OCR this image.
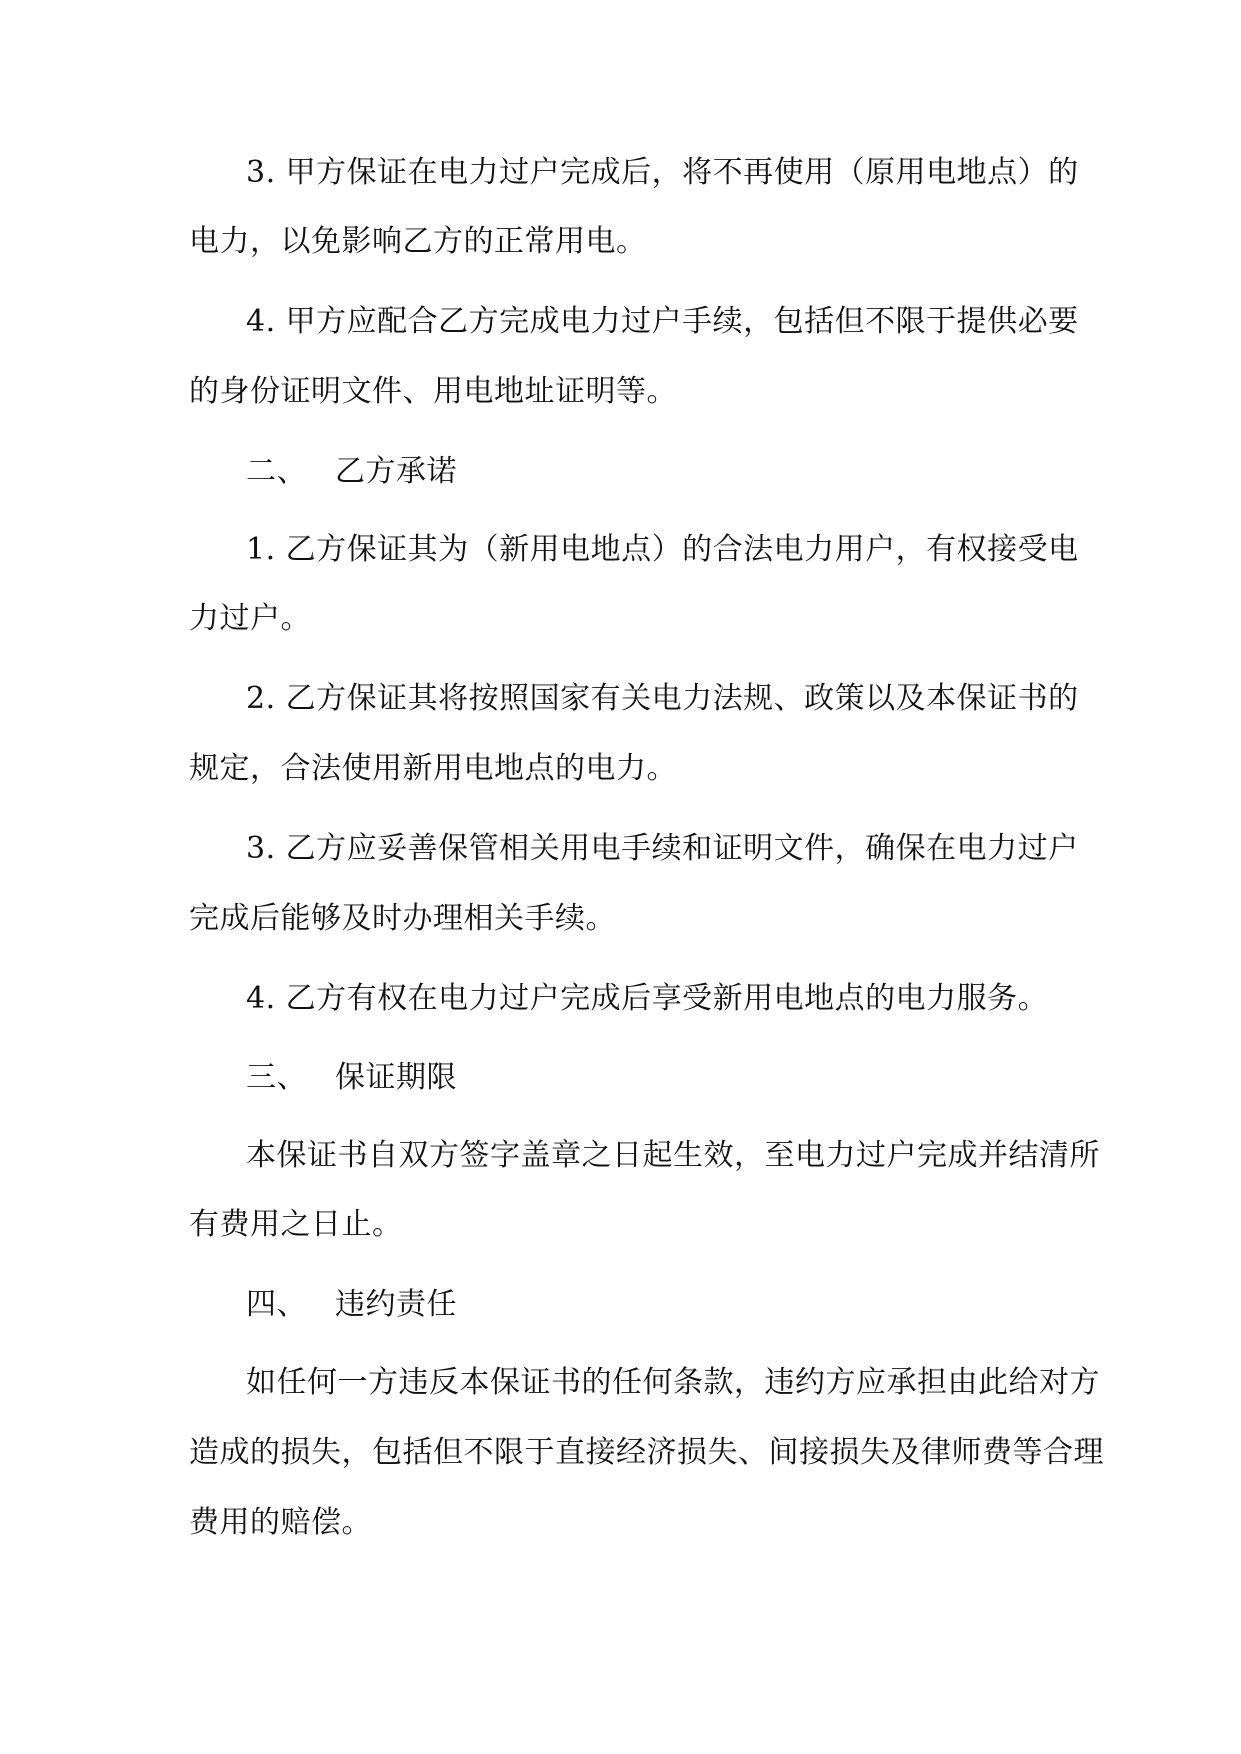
3. 甲方保证在电力过户完成后，将不再使用（原用电地点）的
电力，以免影响乙方的正常用电。
4. 甲方应配合乙方完成电力过户手续，包括但不限于提供必要
的身份证明文件、用电地址证明等。
二、 乙方承诺
1. 乙方保证其为（新用电地点）的合法电力用户，有权接受电
力过户。
2. 乙方保证其将按照国家有关电力法规、政策以及本保证书的
规定，合法使用新用电地点的电力。
3. 乙方应妥善保管相关用电手续和证明文件，确保在电力过户
完成后能够及时办理相关手续。
4. 乙方有权在电力过户完成后享受新用电地点的电力服务。
三、 保证期限
本保证书自双方签字盖章之日起生效，至电力过户完成并结清所
有费用之日止。
四、 违约责任
如任何一方违反本保证书的任何条款，违约方应承担由此给对方
造成的损失，包括但不限于直接经济损失、间接损失及律师费等合理
费用的赔偿。
